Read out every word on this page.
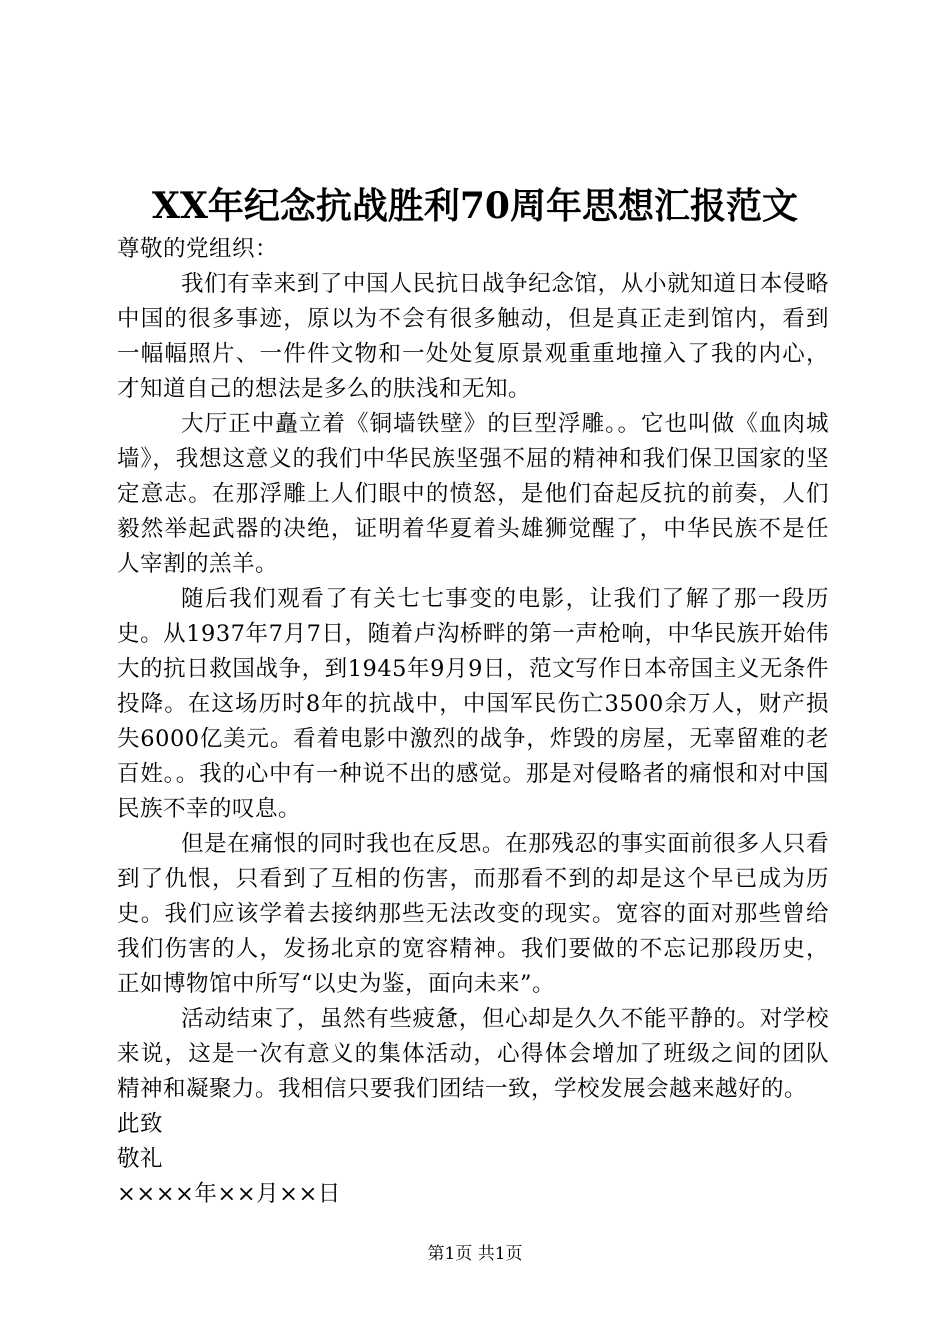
XX年纪念抗战胜利70周年思想汇报范文

尊敬的党组织：

我们有幸来到了中国人民抗日战争纪念馆，从小就知道日本侵略中国的很多事迹，原以为不会有很多触动，但是真正走到馆内，看到一幅幅照片、一件件文物和一处处复原景观重重地撞入了我的内心，才知道自己的想法是多么的肤浅和无知。

大厅正中矗立着《铜墙铁壁》的巨型浮雕。。它也叫做《血肉城墙》，我想这意义的我们中华民族坚强不屈的精神和我们保卫国家的坚定意志。在那浮雕上人们眼中的愤怒，是他们奋起反抗的前奏，人们毅然举起武器的决绝，证明着华夏着头雄狮觉醒了，中华民族不是任人宰割的羔羊。

随后我们观看了有关七七事变的电影，让我们了解了那一段历史。从1937年7月7日，随着卢沟桥畔的第一声枪响，中华民族开始伟大的抗日救国战争，到1945年9月9日，范文写作日本帝国主义无条件投降。在这场历时8年的抗战中，中国军民伤亡3500余万人，财产损失6000亿美元。看着电影中激烈的战争，炸毁的房屋，无辜留难的老百姓。。我的心中有一种说不出的感觉。那是对侵略者的痛恨和对中国民族不幸的叹息。

但是在痛恨的同时我也在反思。在那残忍的事实面前很多人只看到了仇恨，只看到了互相的伤害，而那看不到的却是这个早已成为历史。我们应该学着去接纳那些无法改变的现实。宽容的面对那些曾给我们伤害的人，发扬北京的宽容精神。我们要做的不忘记那段历史，正如博物馆中所写“以史为鉴，面向未来”。

活动结束了，虽然有些疲惫，但心却是久久不能平静的。对学校来说，这是一次有意义的集体活动，心得体会增加了班级之间的团队精神和凝聚力。我相信只要我们团结一致，学校发展会越来越好的。

此致

敬礼

××××年××月××日

第1页 共1页
